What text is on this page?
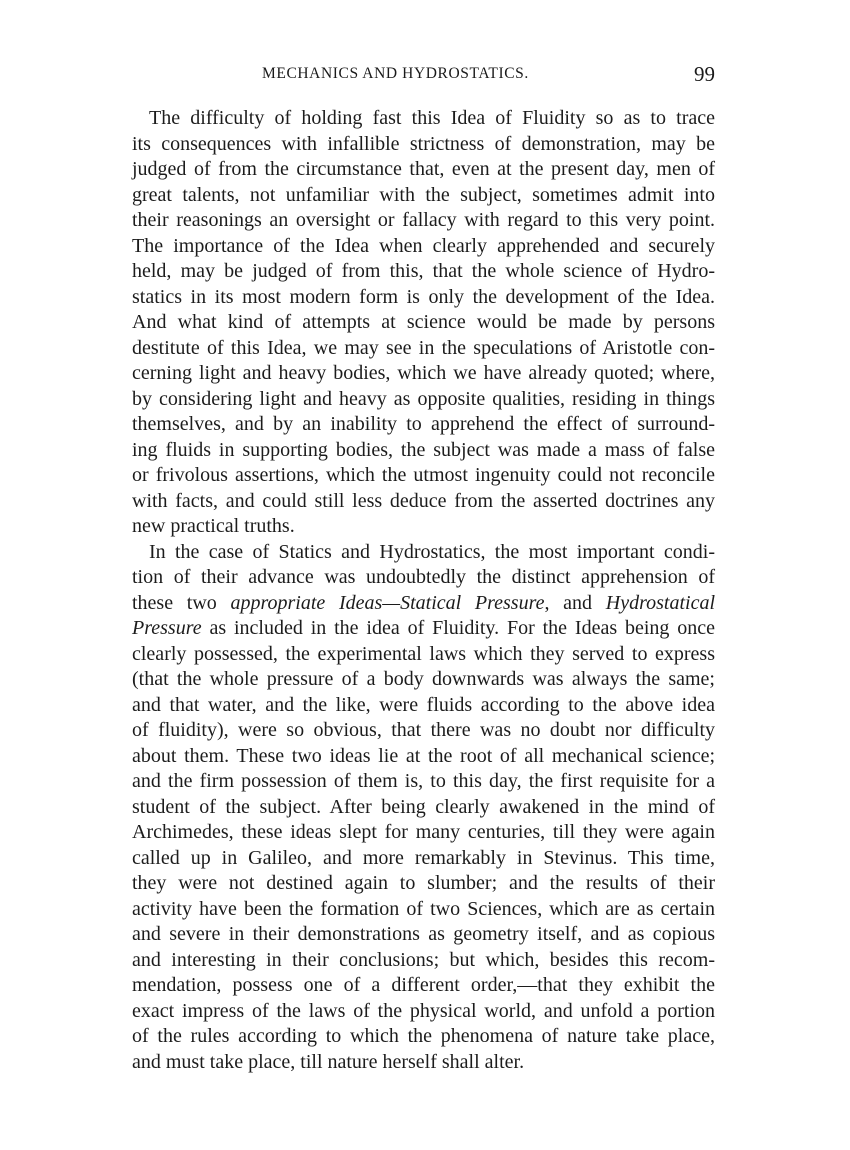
MECHANICS AND HYDROSTATICS.	99
The difficulty of holding fast this Idea of Fluidity so as to trace
its consequences with infallible strictness of demonstration, may be
judged of from the circumstance that, even at the present day, men of
great talents, not unfamiliar with the subject, sometimes admit into
their reasonings an oversight or fallacy with regard to this very point.
The importance of the Idea when clearly apprehended and securely
held, may be judged of from this, that the whole science of Hydro-
statics in its most modern form is only the development of the Idea.
And what kind of attempts at science would be made by persons
destitute of this Idea, we may see in the speculations of Aristotle con-
cerning light and heavy bodies, which we have already quoted; where,
by considering light and heavy as opposite qualities, residing in things
themselves, and by an inability to apprehend the effect of surround-
ing fluids in supporting bodies, the subject was made a mass of false
or frivolous assertions, which the utmost ingenuity could not reconcile
with facts, and could still less deduce from the asserted doctrines any
new practical truths.
In the case of Statics and Hydrostatics, the most important condi-
tion of their advance was undoubtedly the distinct apprehension of
these two appropriate Ideas—Statical Pressure, and Hydrostatical
Pressure as included in the idea of Fluidity. For the Ideas being once
clearly possessed, the experimental laws which they served to express
(that the whole pressure of a body downwards was always the same;
and that water, and the like, were fluids according to the above idea
of fluidity), were so obvious, that there was no doubt nor difficulty
about them. These two ideas lie at the root of all mechanical science;
and the firm possession of them is, to this day, the first requisite for a
student of the subject. After being clearly awakened in the mind of
Archimedes, these ideas slept for many centuries, till they were again
called up in Galileo, and more remarkably in Stevinus. This time,
they were not destined again to slumber; and the results of their
activity have been the formation of two Sciences, which are as certain
and severe in their demonstrations as geometry itself, and as copious
and interesting in their conclusions; but which, besides this recom-
mendation, possess one of a different order,—that they exhibit the
exact impress of the laws of the physical world, and unfold a portion
of the rules according to which the phenomena of nature take place,
and must take place, till nature herself shall alter.
